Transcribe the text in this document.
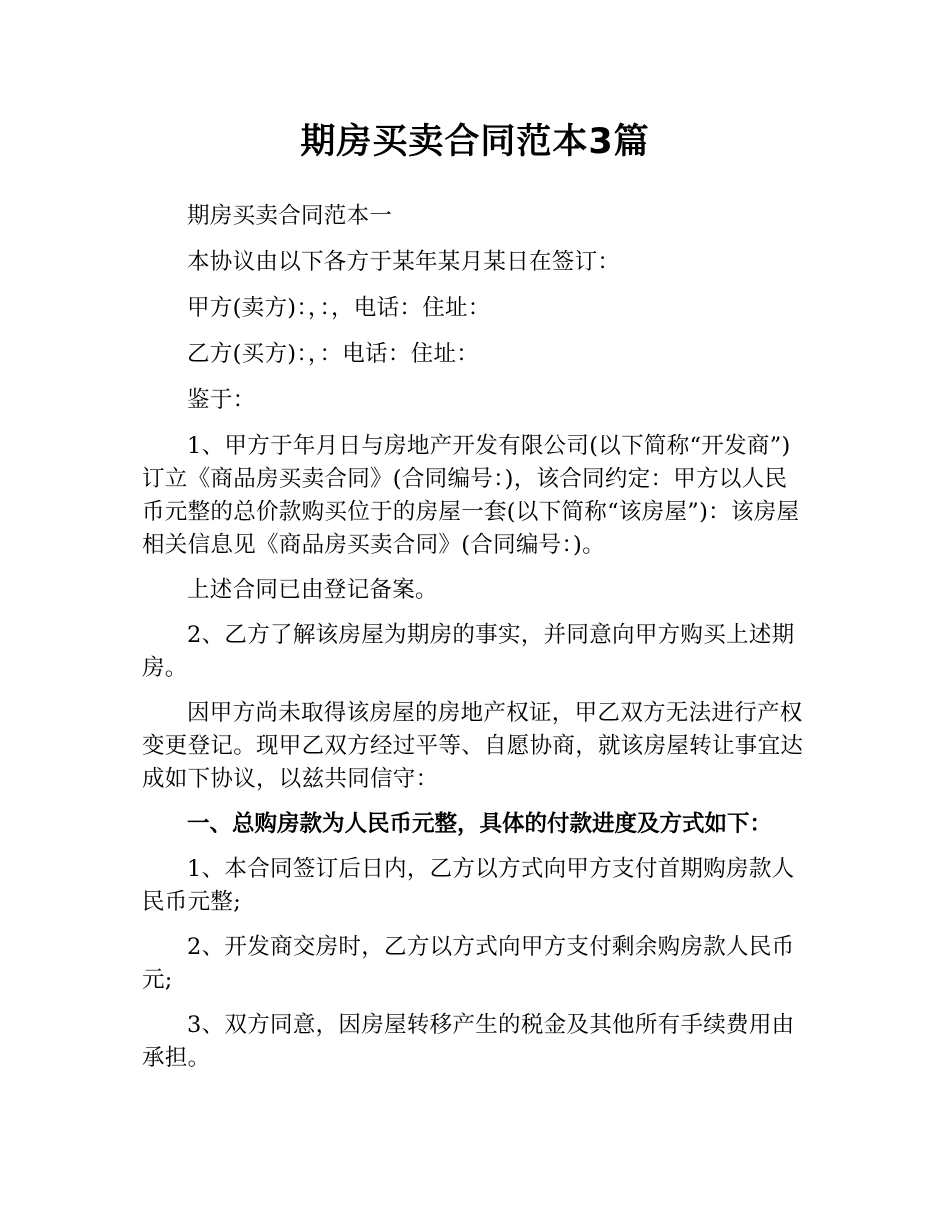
期房买卖合同范本3篇

期房买卖合同范本一

本协议由以下各方于某年某月某日在签订：

甲方(卖方)：，：，电话：住址：

乙方(买方)：，：电话：住址：

鉴于：

1、甲方于年月日与房地产开发有限公司(以下简称“开发商”)订立《商品房买卖合同》(合同编号：)，该合同约定：甲方以人民币元整的总价款购买位于的房屋一套(以下简称“该房屋”)：该房屋相关信息见《商品房买卖合同》(合同编号：)。

上述合同已由登记备案。

2、乙方了解该房屋为期房的事实，并同意向甲方购买上述期房。

因甲方尚未取得该房屋的房地产权证，甲乙双方无法进行产权变更登记。现甲乙双方经过平等、自愿协商，就该房屋转让事宜达成如下协议，以兹共同信守：

一、总购房款为人民币元整，具体的付款进度及方式如下：

1、本合同签订后日内，乙方以方式向甲方支付首期购房款人民币元整;

2、开发商交房时，乙方以方式向甲方支付剩余购房款人民币元;

3、双方同意，因房屋转移产生的税金及其他所有手续费用由承担。
